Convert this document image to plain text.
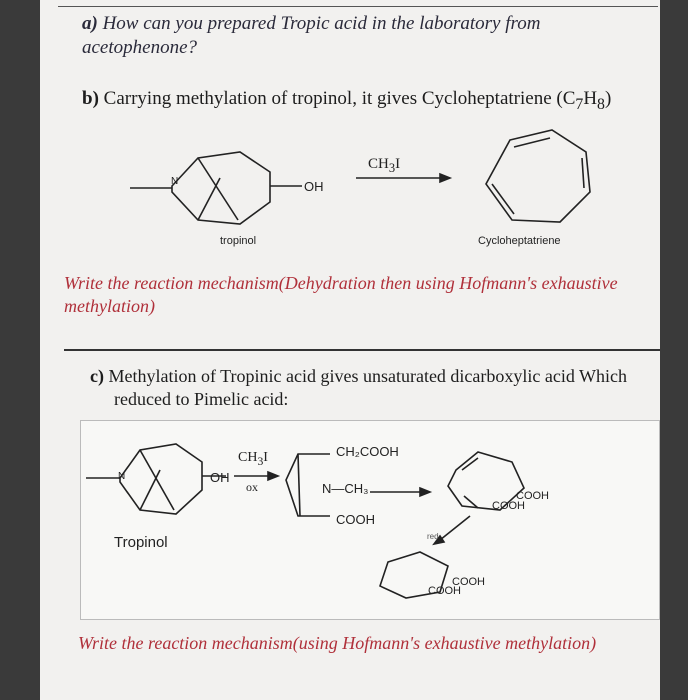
a) How can you prepared Tropic acid in the laboratory from acetophenone?
b) Carrying methylation of tropinol, it gives Cycloheptatriene $(C_7H_8)$
N	OH
$CH_3I$
tropinol	Cycloheptatriene
Write the reaction mechanism(Dehydration then using Hofmann's exhaustive methylation)
c) Methylation of Tropinic acid gives unsaturated dicarboxylic acid Which
reduced to Pimelic acid:
N	OH
$CH_3I$
ox
CH₂COOH
N—CH₃
COOH
COOH
COOH
red
COOH
COOH
Tropinol
Write the reaction mechanism(using Hofmann's exhaustive methylation)
